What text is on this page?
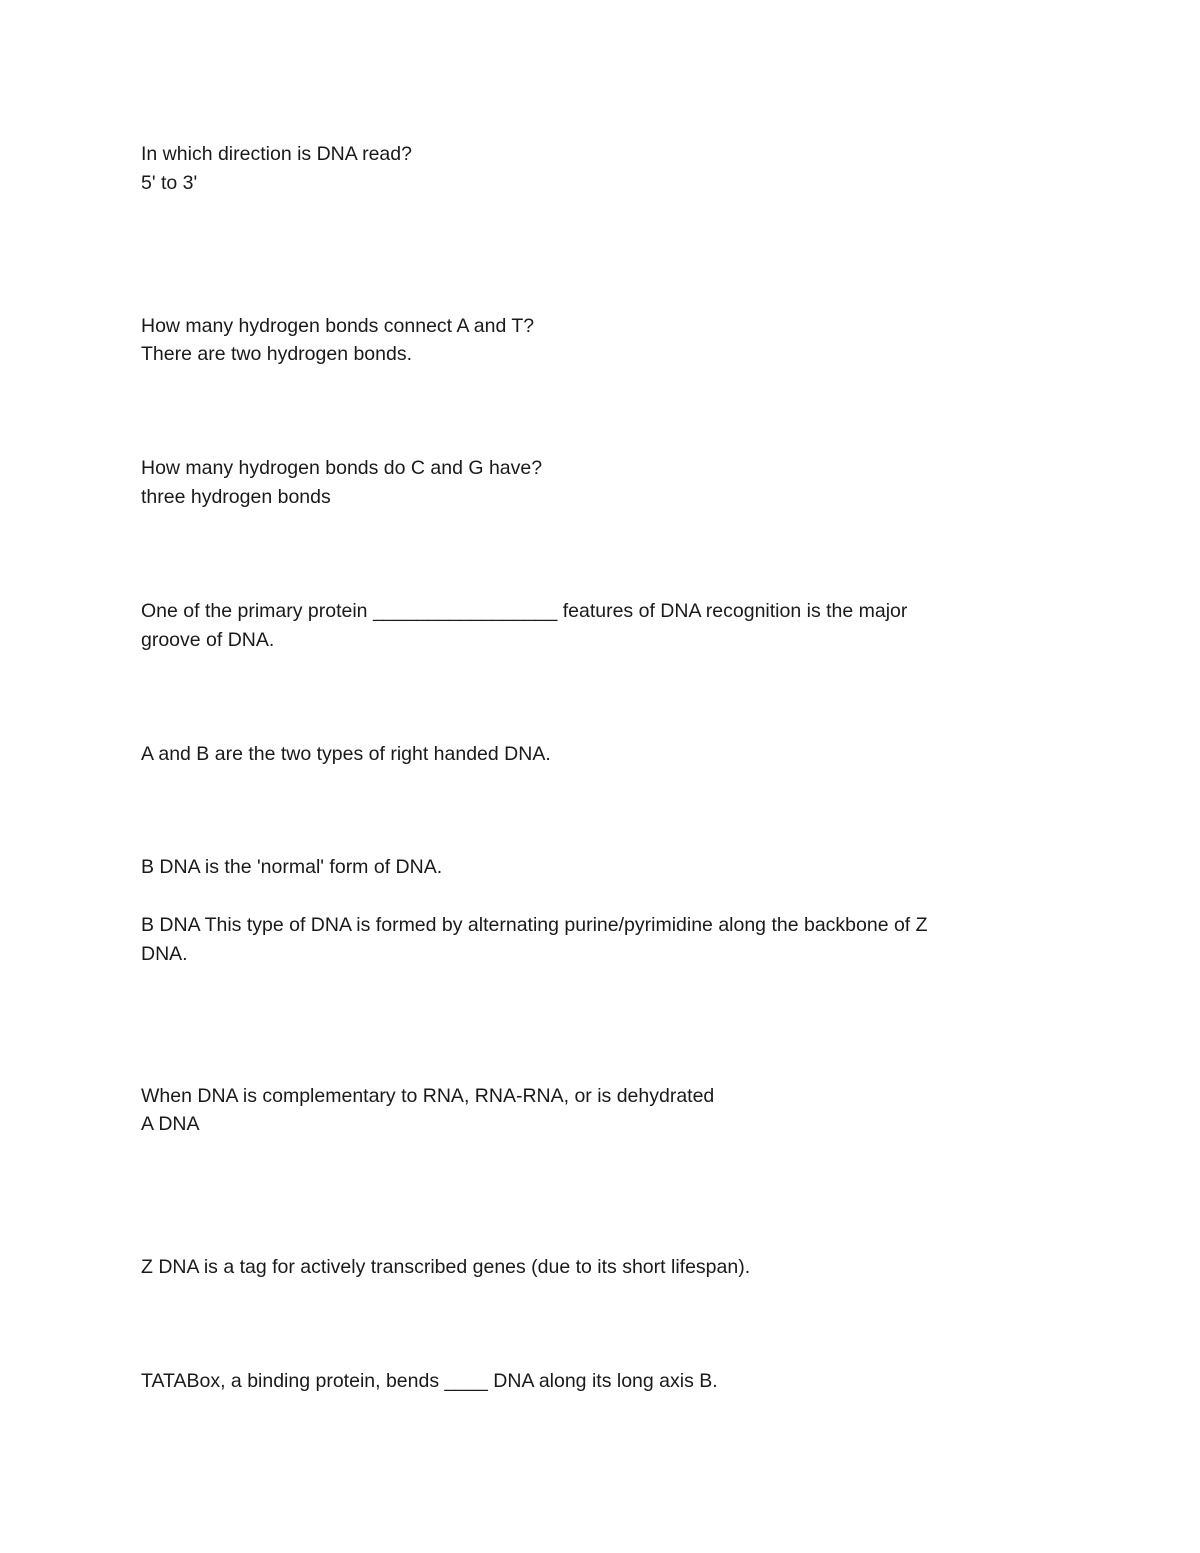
In which direction is DNA read?

5' to 3'

How many hydrogen bonds connect A and T?

There are two hydrogen bonds.

How many hydrogen bonds do C and G have?

three hydrogen bonds

One of the primary protein _________________ features of DNA recognition is the major

groove of DNA.

A and B are the two types of right handed DNA.

B DNA is the 'normal' form of DNA.

B DNA This type of DNA is formed by alternating purine/pyrimidine along the backbone of Z

DNA.

When DNA is complementary to RNA, RNA-RNA, or is dehydrated

A DNA

Z DNA is a tag for actively transcribed genes (due to its short lifespan).

TATABox, a binding protein, bends ____ DNA along its long axis B.
